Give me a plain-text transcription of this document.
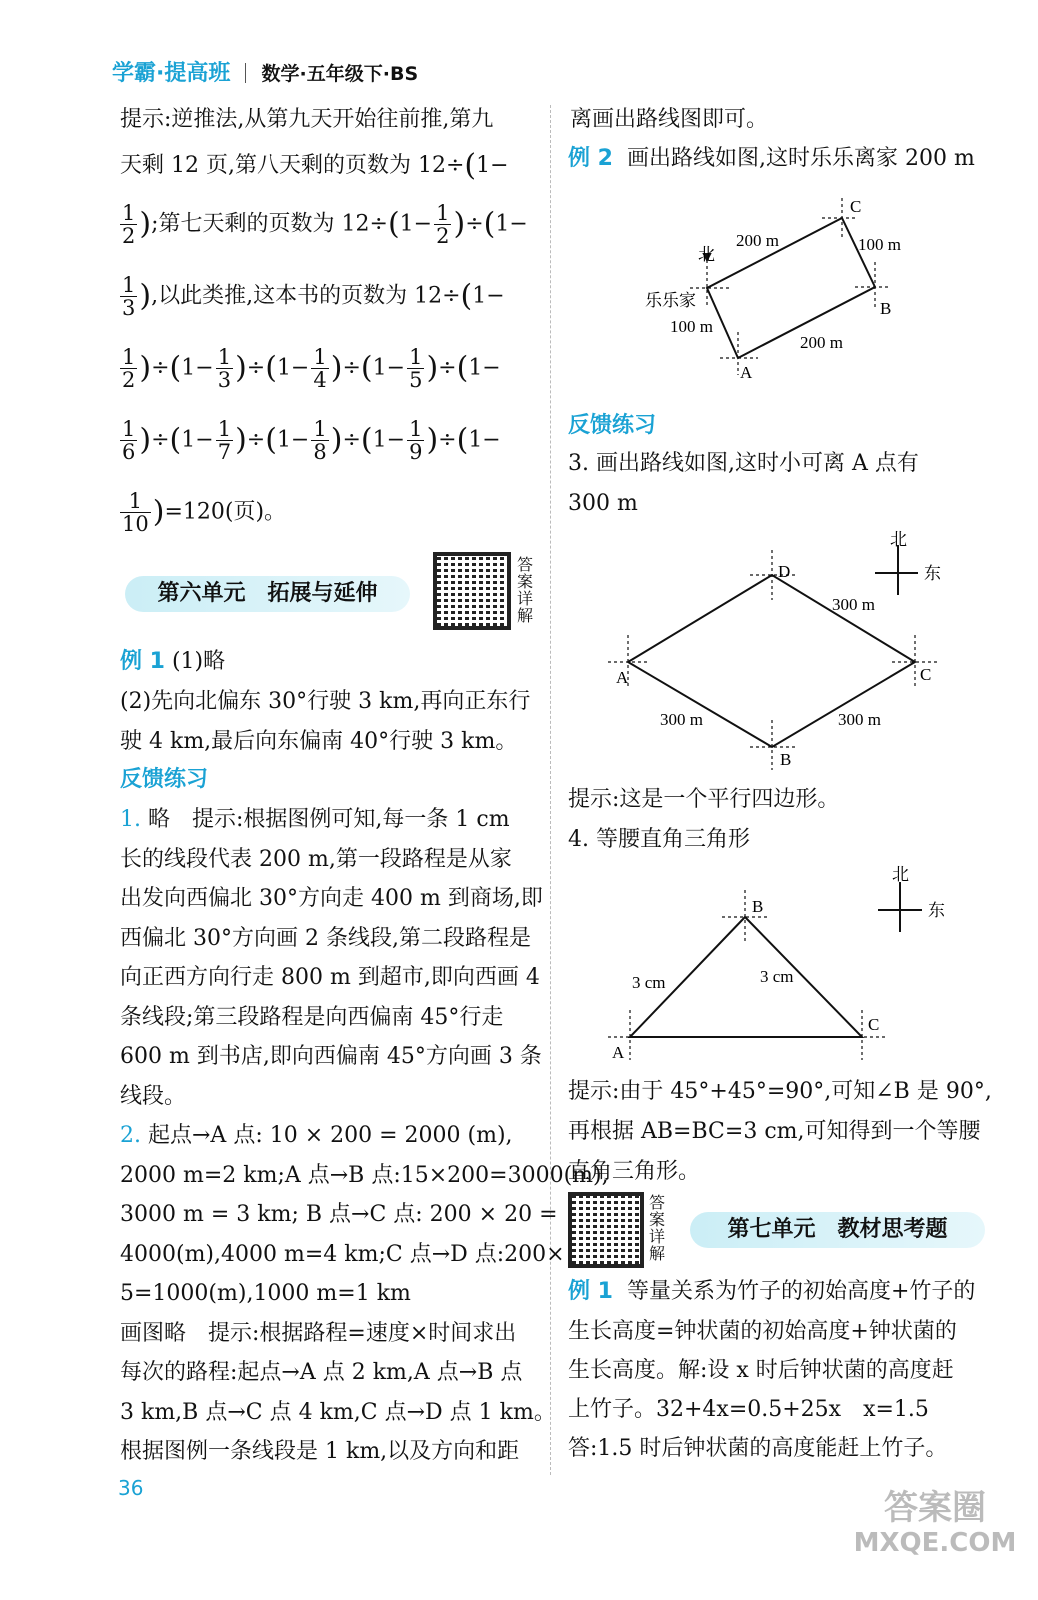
学霸·提高班 数学·五年级下·BS
提示:逆推法,从第九天开始往前推,第九
天剩 12 页,第八天剩的页数为 12÷(1−
$\frac{1}{2}$ );第七天剩的页数为 $12\div(1- \frac{1}{2} )\div(1-$
$\frac{1}{3}$ ),以此类推,这本书的页数为 12÷(1−
$\frac{1}{2} )\div(1- \frac{1}{3} )\div(1- \frac{1}{4} )\div(1- \frac{1}{5} )\div(1-$
$\frac{1}{6} )\div(1- \frac{1}{7} )\div(1- \frac{1}{8} )\div(1- \frac{1}{9} )\div(1-$
$\frac{1}{10} )=120$(页)。
第六单元　拓展与延伸
答案详解
例 1 (1)略
(2)先向北偏东 30°行驶 3 km,再向正东行
驶 4 km,最后向东偏南 40°行驶 3 km。
反馈练习
1. 略　提示:根据图例可知,每一条 1 cm
长的线段代表 200 m,第一段路程是从家
出发向西偏北 30°方向走 400 m 到商场,即
西偏北 30°方向画 2 条线段,第二段路程是
向正西方向行走 800 m 到超市,即向西画 4
条线段;第三段路程是向西偏南 45°行走
600 m 到书店,即向西偏南 45°方向画 3 条
线段。
2. 起点→A 点: 10 × 200 = 2000 (m),
2000 m=2 km;A 点→B 点:15×200=3000(m),
3000 m = 3 km; B 点→C 点: 200 × 20 =
4000(m),4000 m=4 km;C 点→D 点:200×
5=1000(m),1000 m=1 km
画图略　提示:根据路程=速度×时间求出
每次的路程:起点→A 点 2 km,A 点→B 点
3 km,B 点→C 点 4 km,C 点→D 点 1 km。
根据图例一条线段是 1 km,以及方向和距
36
离画出路线图即可。
例 2 画出路线如图,这时乐乐离家 200 m
北
乐乐家
A
B
C
200 m	100 m
100 m
200 m
反馈练习
3. 画出路线如图,这时小可离 A 点有
300 m
北
东
A
B
C
D
300 m
300 m	300 m
提示:这是一个平行四边形。
4. 等腰直角三角形
北
东
A
B
C
3 cm	3 cm
提示:由于 45°+45°=90°,可知∠B 是 90°,
再根据 AB=BC=3 cm,可知得到一个等腰
直角三角形。
答案详解
第七单元　教材思考题
例 1 等量关系为竹子的初始高度+竹子的
生长高度=钟状菌的初始高度+钟状菌的
生长高度。解:设 x 时后钟状菌的高度赶
上竹子。32+4x=0.5+25x　x=1.5
答:1.5 时后钟状菌的高度能赶上竹子。
答案圈
MXQE.COM
